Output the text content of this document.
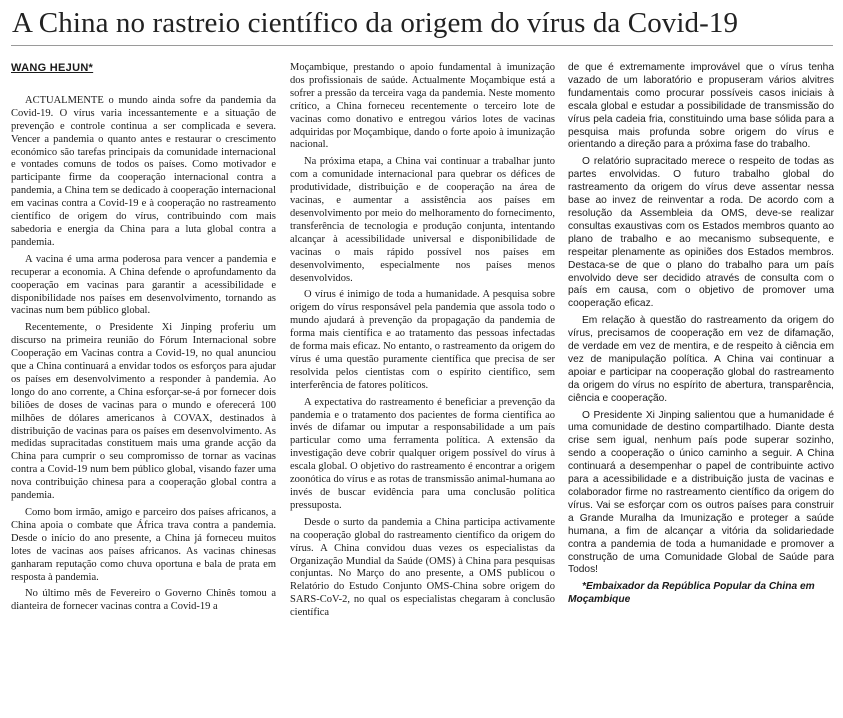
A China no rastreio científico da origem do vírus da Covid-19
WANG HEJUN*

ACTUALMENTE o mundo ainda sofre da pandemia da Covid-19. O vírus varia incessantemente e a situação de prevenção e controle continua a ser complicada e severa. Vencer a pandemia o quanto antes e restaurar o crescimento económico são tarefas principais da comunidade internacional e vontades comuns de todos os países. Como motivador e participante firme da cooperação internacional contra a pandemia, a China tem se dedicado à cooperação internacional em vacinas contra a Covid-19 e à cooperação no rastreamento científico de origem do vírus, contribuindo com mais sabedoria e energia da China para a luta global contra a pandemia.

A vacina é uma arma poderosa para vencer a pandemia e recuperar a economia. A China defende o aprofundamento da cooperação em vacinas para garantir a acessibilidade e disponibilidade nos países em desenvolvimento, tornando as vacinas num bem público global.

Recentemente, o Presidente Xi Jinping proferiu um discurso na primeira reunião do Fórum Internacional sobre Cooperação em Vacinas contra a Covid-19, no qual anunciou que a China continuará a envidar todos os esforços para ajudar os países em desenvolvimento a responder à pandemia. Ao longo do ano corrente, a China esforçar-se-á por fornecer dois biliões de doses de vacinas para o mundo e oferecerá 100 milhões de dólares americanos à COVAX, destinados à distribuição de vacinas para os países em desenvolvimento. As medidas supracitadas constituem mais uma grande acção da China para cumprir o seu compromisso de tornar as vacinas contra a Covid-19 num bem público global, visando fazer uma nova contribuição chinesa para a cooperação global contra a pandemia.

Como bom irmão, amigo e parceiro dos países africanos, a China apoia o combate que África trava contra a pandemia. Desde o início do ano presente, a China já forneceu muitos lotes de vacinas aos países africanos. As vacinas chinesas ganharam reputação como chuva oportuna e bala de prata em resposta à pandemia.

No último mês de Fevereiro o Governo Chinês tomou a dianteira de fornecer vacinas contra a Covid-19 a

Moçambique, prestando o apoio fundamental à imunização dos profissionais de saúde. Actualmente Moçambique está a sofrer a pressão da terceira vaga da pandemia. Neste momento crítico, a China forneceu recentemente o terceiro lote de vacinas como donativo e entregou vários lotes de vacinas adquiridas por Moçambique, dando o forte apoio à imunização nacional.

Na próxima etapa, a China vai continuar a trabalhar junto com a comunidade internacional para quebrar os défices de produtividade, distribuição e de cooperação na área de vacinas, e aumentar a assistência aos países em desenvolvimento por meio do melhoramento do fornecimento, transferência de tecnologia e produção conjunta, intentando alcançar à acessibilidade universal e disponibilidade de vacinas o mais rápido possível nos países em desenvolvimento, especialmente nos países menos desenvolvidos.

O vírus é inimigo de toda a humanidade. A pesquisa sobre origem do vírus responsável pela pandemia que assola todo o mundo ajudará à prevenção da propagação da pandemia de forma mais científica e ao tratamento das pessoas infectadas de forma mais eficaz. No entanto, o rastreamento da origem do vírus é uma questão puramente científica que precisa de ser resolvida pelos cientistas com o espírito científico, sem interferência de fatores políticos.

A expectativa do rastreamento é beneficiar a prevenção da pandemia e o tratamento dos pacientes de forma científica ao invés de difamar ou imputar a responsabilidade a um país particular como uma ferramenta política. A extensão da investigação deve cobrir qualquer origem possível do vírus à escala global. O objetivo do rastreamento é encontrar a origem zoonótica do vírus e as rotas de transmissão animal-humana ao invés de buscar evidência para uma conclusão política pressuposta.

Desde o surto da pandemia a China participa activamente na cooperação global do rastreamento científico da origem do vírus. A China convidou duas vezes os especialistas da Organização Mundial da Saúde (OMS) à China para pesquisas conjuntas. No Março do ano presente, a OMS publicou o Relatório do Estudo Conjunto OMS-China sobre origem do SARS-CoV-2, no qual os especialistas chegaram à conclusão científica

de que é extremamente improvável que o vírus tenha vazado de um laboratório e propuseram vários alvitres fundamentais como procurar possíveis casos iniciais à escala global e estudar a possibilidade de transmissão do vírus pela cadeia fria, constituindo uma base sólida para a pesquisa mais profunda sobre origem do vírus e orientando a direção para a próxima fase do trabalho.

O relatório supracitado merece o respeito de todas as partes envolvidas. O futuro trabalho global do rastreamento da origem do vírus deve assentar nessa base ao invez de reinventar a roda. De acordo com a resolução da Assembleia da OMS, deve-se realizar consultas exaustivas com os Estados membros quanto ao plano de trabalho e ao mecanismo subsequente, e respeitar plenamente as opiniões dos Estados membros. Destaca-se de que o plano do trabalho para um país envolvido deve ser decidido através de consulta com o país em causa, com o objetivo de promover uma cooperação eficaz.

Em relação à questão do rastreamento da origem do vírus, precisamos de cooperação em vez de difamação, de verdade em vez de mentira, e de respeito à ciência em vez de manipulação política. A China vai continuar a apoiar e participar na cooperação global do rastreamento da origem do vírus no espírito de abertura, transparência, ciência e cooperação.

O Presidente Xi Jinping salientou que a humanidade é uma comunidade de destino compartilhado. Diante desta crise sem igual, nenhum país pode superar sozinho, sendo a cooperação o único caminho a seguir. A China continuará a desempenhar o papel de contribuinte activo para a acessibilidade e a distribuição justa de vacinas e colaborador firme no rastreamento científico da origem do vírus. Vai se esforçar com os outros países para construir a Grande Muralha da Imunização e proteger a saúde humana, a fim de alcançar a vitória da solidariedade contra a pandemia de toda a humanidade e promover a construção de uma Comunidade Global de Saúde para Todos!

*Embaixador da República Popular da China em Moçambique
